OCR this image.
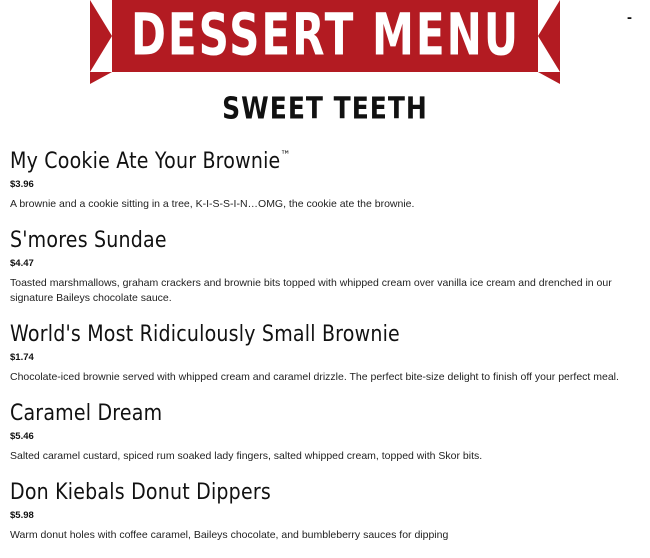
DESSERT MENU	-
SWEET TEETH
My Cookie Ate Your Brownie™
$3.96
A brownie and a cookie sitting in a tree, K-I-S-S-I-N…OMG, the cookie ate the brownie.
S'mores Sundae
$4.47
Toasted marshmallows, graham crackers and brownie bits topped with whipped cream over vanilla ice cream and drenched in our signature Baileys chocolate sauce.
World's Most Ridiculously Small Brownie
$1.74
Chocolate-iced brownie served with whipped cream and caramel drizzle. The perfect bite-size delight to finish off your perfect meal.
Caramel Dream
$5.46
Salted caramel custard, spiced rum soaked lady fingers, salted whipped cream, topped with Skor bits.
Don Kiebals Donut Dippers
$5.98
Warm donut holes with coffee caramel, Baileys chocolate, and bumbleberry sauces for dipping
